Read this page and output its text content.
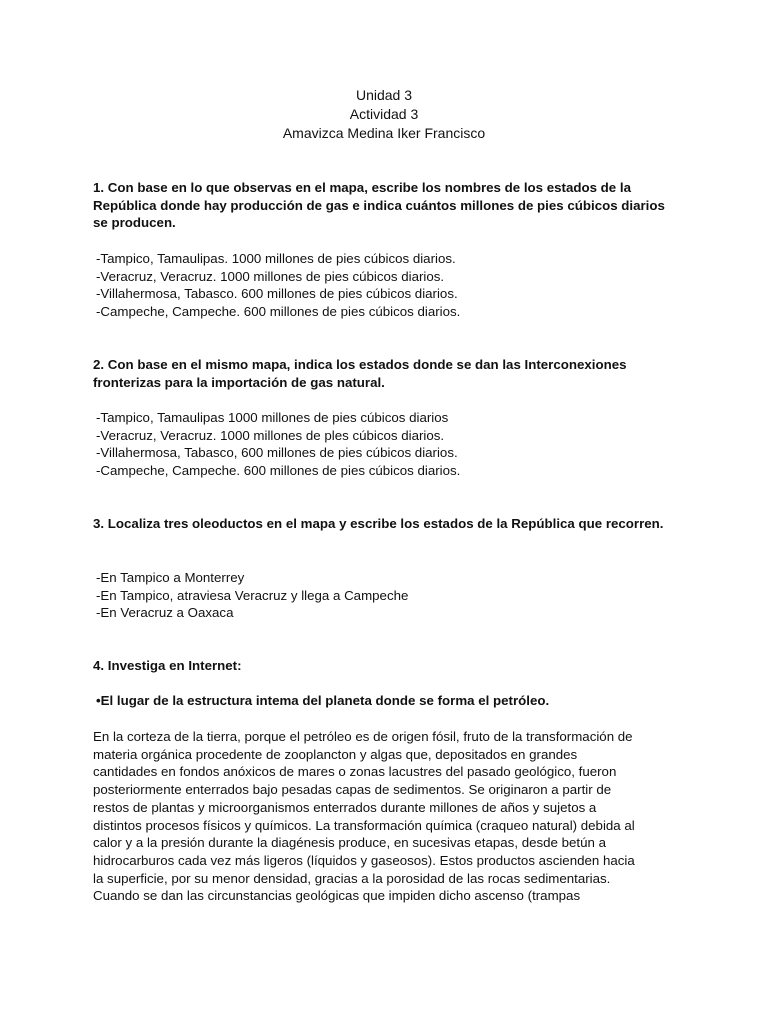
Unidad 3
Actividad 3
Amavizca Medina Iker Francisco
1. Con base en lo que observas en el mapa, escribe los nombres de los estados de la República donde hay producción de gas e indica cuántos millones de pies cúbicos diarios se producen.
-Tampico, Tamaulipas. 1000 millones de pies cúbicos diarios.
-Veracruz, Veracruz. 1000 millones de pies cúbicos diarios.
-Villahermosa, Tabasco. 600 millones de pies cúbicos diarios.
-Campeche, Campeche. 600 millones de pies cúbicos diarios.
2. Con base en el mismo mapa, indica los estados donde se dan las Interconexiones fronterizas para la importación de gas natural.
-Tampico, Tamaulipas 1000 millones de pies cúbicos diarios
-Veracruz, Veracruz. 1000 millones de ples cúbicos diarios.
-Villahermosa, Tabasco, 600 millones de pies cúbicos diarios.
-Campeche, Campeche. 600 millones de pies cúbicos diarios.
3. Localiza tres oleoductos en el mapa y escribe los estados de la República que recorren.
-En Tampico a Monterrey
-En Tampico, atraviesa Veracruz y llega a Campeche
-En Veracruz a Oaxaca
4. Investiga en Internet:
•El lugar de la estructura intema del planeta donde se forma el petróleo.
En la corteza de la tierra, porque el petróleo es de origen fósil, fruto de la transformación de
materia orgánica procedente de zooplancton y algas que, depositados en grandes
cantidades en fondos anóxicos de mares o zonas lacustres del pasado geológico, fueron
posteriormente enterrados bajo pesadas capas de sedimentos. Se originaron a partir de
restos de plantas y microorganismos enterrados durante millones de años y sujetos a
distintos procesos físicos y químicos. La transformación química (craqueo natural) debida al
calor y a la presión durante la diagénesis produce, en sucesivas etapas, desde betún a
hidrocarburos cada vez más ligeros (líquidos y gaseosos). Estos productos ascienden hacia
la superficie, por su menor densidad, gracias a la porosidad de las rocas sedimentarias.
Cuando se dan las circunstancias geológicas que impiden dicho ascenso (trampas
